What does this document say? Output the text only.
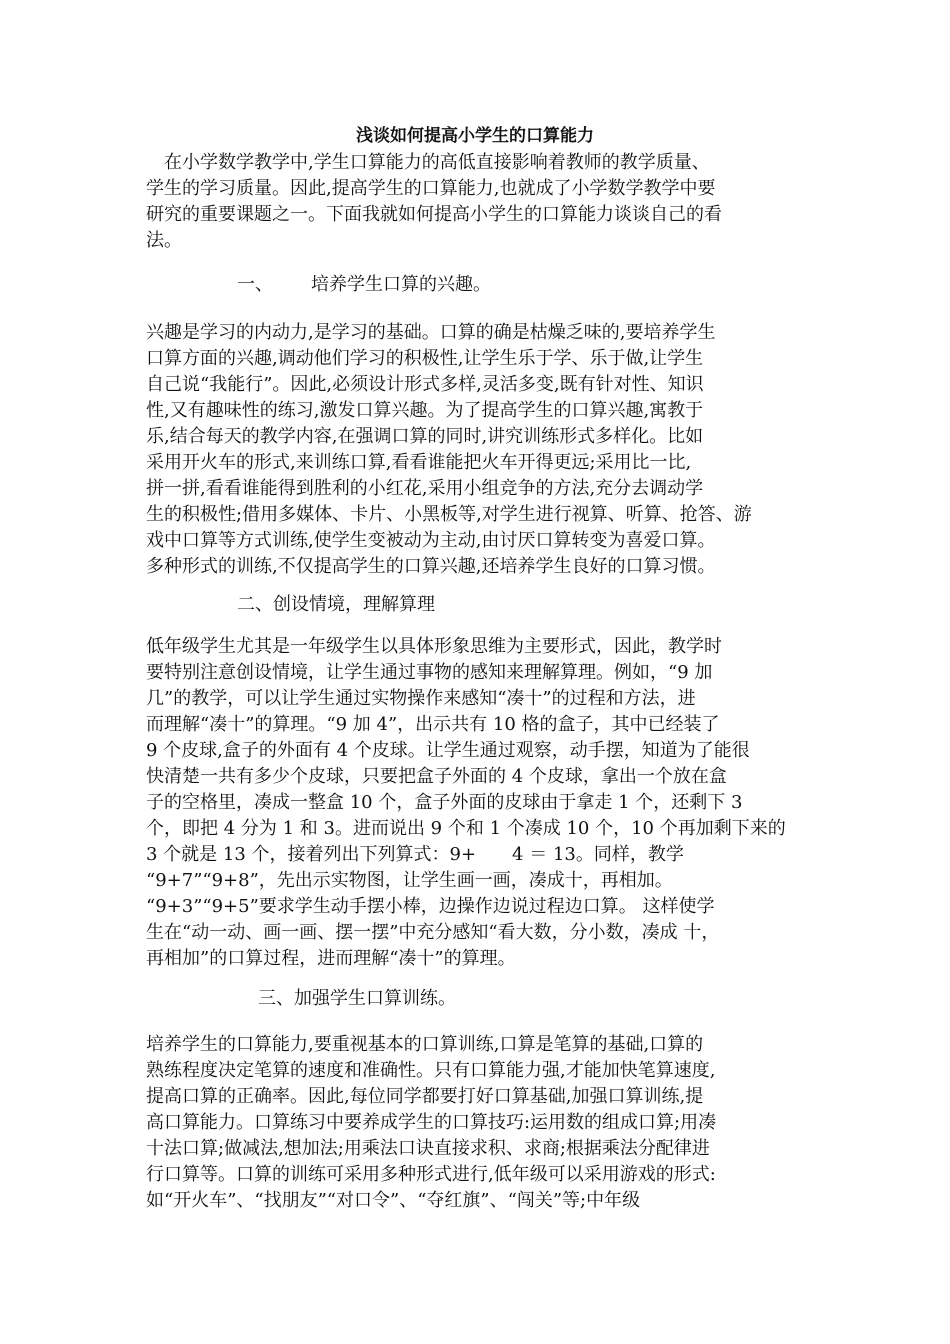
浅谈如何提高小学生的口算能力
　在小学数学教学中,学生口算能力的高低直接影响着教师的教学质量、
学生的学习质量。因此,提高学生的口算能力,也就成了小学数学教学中要
研究的重要课题之一。下面我就如何提高小学生的口算能力谈谈自己的看
法。
一、 培养学生口算的兴趣。
兴趣是学习的内动力,是学习的基础。口算的确是枯燥乏味的,要培养学生
口算方面的兴趣,调动他们学习的积极性,让学生乐于学、乐于做,让学生
自己说“我能行”。因此,必须设计形式多样,灵活多变,既有针对性、知识
性,又有趣味性的练习,激发口算兴趣。为了提高学生的口算兴趣,寓教于
乐,结合每天的教学内容,在强调口算的同时,讲究训练形式多样化。比如
采用开火车的形式,来训练口算,看看谁能把火车开得更远;采用比一比,
拼一拼,看看谁能得到胜利的小红花,采用小组竞争的方法,充分去调动学
生的积极性;借用多媒体、卡片、小黑板等,对学生进行视算、听算、抢答、游
戏中口算等方式训练,使学生变被动为主动,由讨厌口算转变为喜爱口算。
多种形式的训练,不仅提高学生的口算兴趣,还培养学生良好的口算习惯。
二、创设情境，理解算理
低年级学生尤其是一年级学生以具体形象思维为主要形式，因此，教学时
要特别注意创设情境，让学生通过事物的感知来理解算理。例如，“9 加
几”的教学，可以让学生通过实物操作来感知“凑十”的过程和方法，进
而理解“凑十”的算理。“9 加 4”，出示共有 10 格的盒子，其中已经装了
9 个皮球,盒子的外面有 4 个皮球。让学生通过观察，动手摆，知道为了能很
快清楚一共有多少个皮球，只要把盒子外面的 4 个皮球，拿出一个放在盒
子的空格里，凑成一整盒 10 个，盒子外面的皮球由于拿走 1 个，还剩下 3
个，即把 4 分为 1 和 3。进而说出 9 个和 1 个凑成 10 个，10 个再加剩下来的
3 个就是 13 个，接着列出下列算式：9+　　4 ＝ 13。同样，教学
“9+7”“9+8”，先出示实物图，让学生画一画，凑成十，再相加。
“9+3”“9+5”要求学生动手摆小棒，边操作边说过程边口算。 这样使学
生在“动一动、画一画、摆一摆”中充分感知“看大数，分小数，凑成 十，
再相加”的口算过程，进而理解“凑十”的算理。
三、加强学生口算训练。
培养学生的口算能力,要重视基本的口算训练,口算是笔算的基础,口算的
熟练程度决定笔算的速度和准确性。只有口算能力强,才能加快笔算速度,
提高口算的正确率。因此,每位同学都要打好口算基础,加强口算训练,提
高口算能力。口算练习中要养成学生的口算技巧:运用数的组成口算;用凑
十法口算;做减法,想加法;用乘法口诀直接求积、求商;根据乘法分配律进
行口算等。口算的训练可采用多种形式进行,低年级可以采用游戏的形式:
如“开火车”、“找朋友”“对口令”、“夺红旗”、“闯关”等;中年级
